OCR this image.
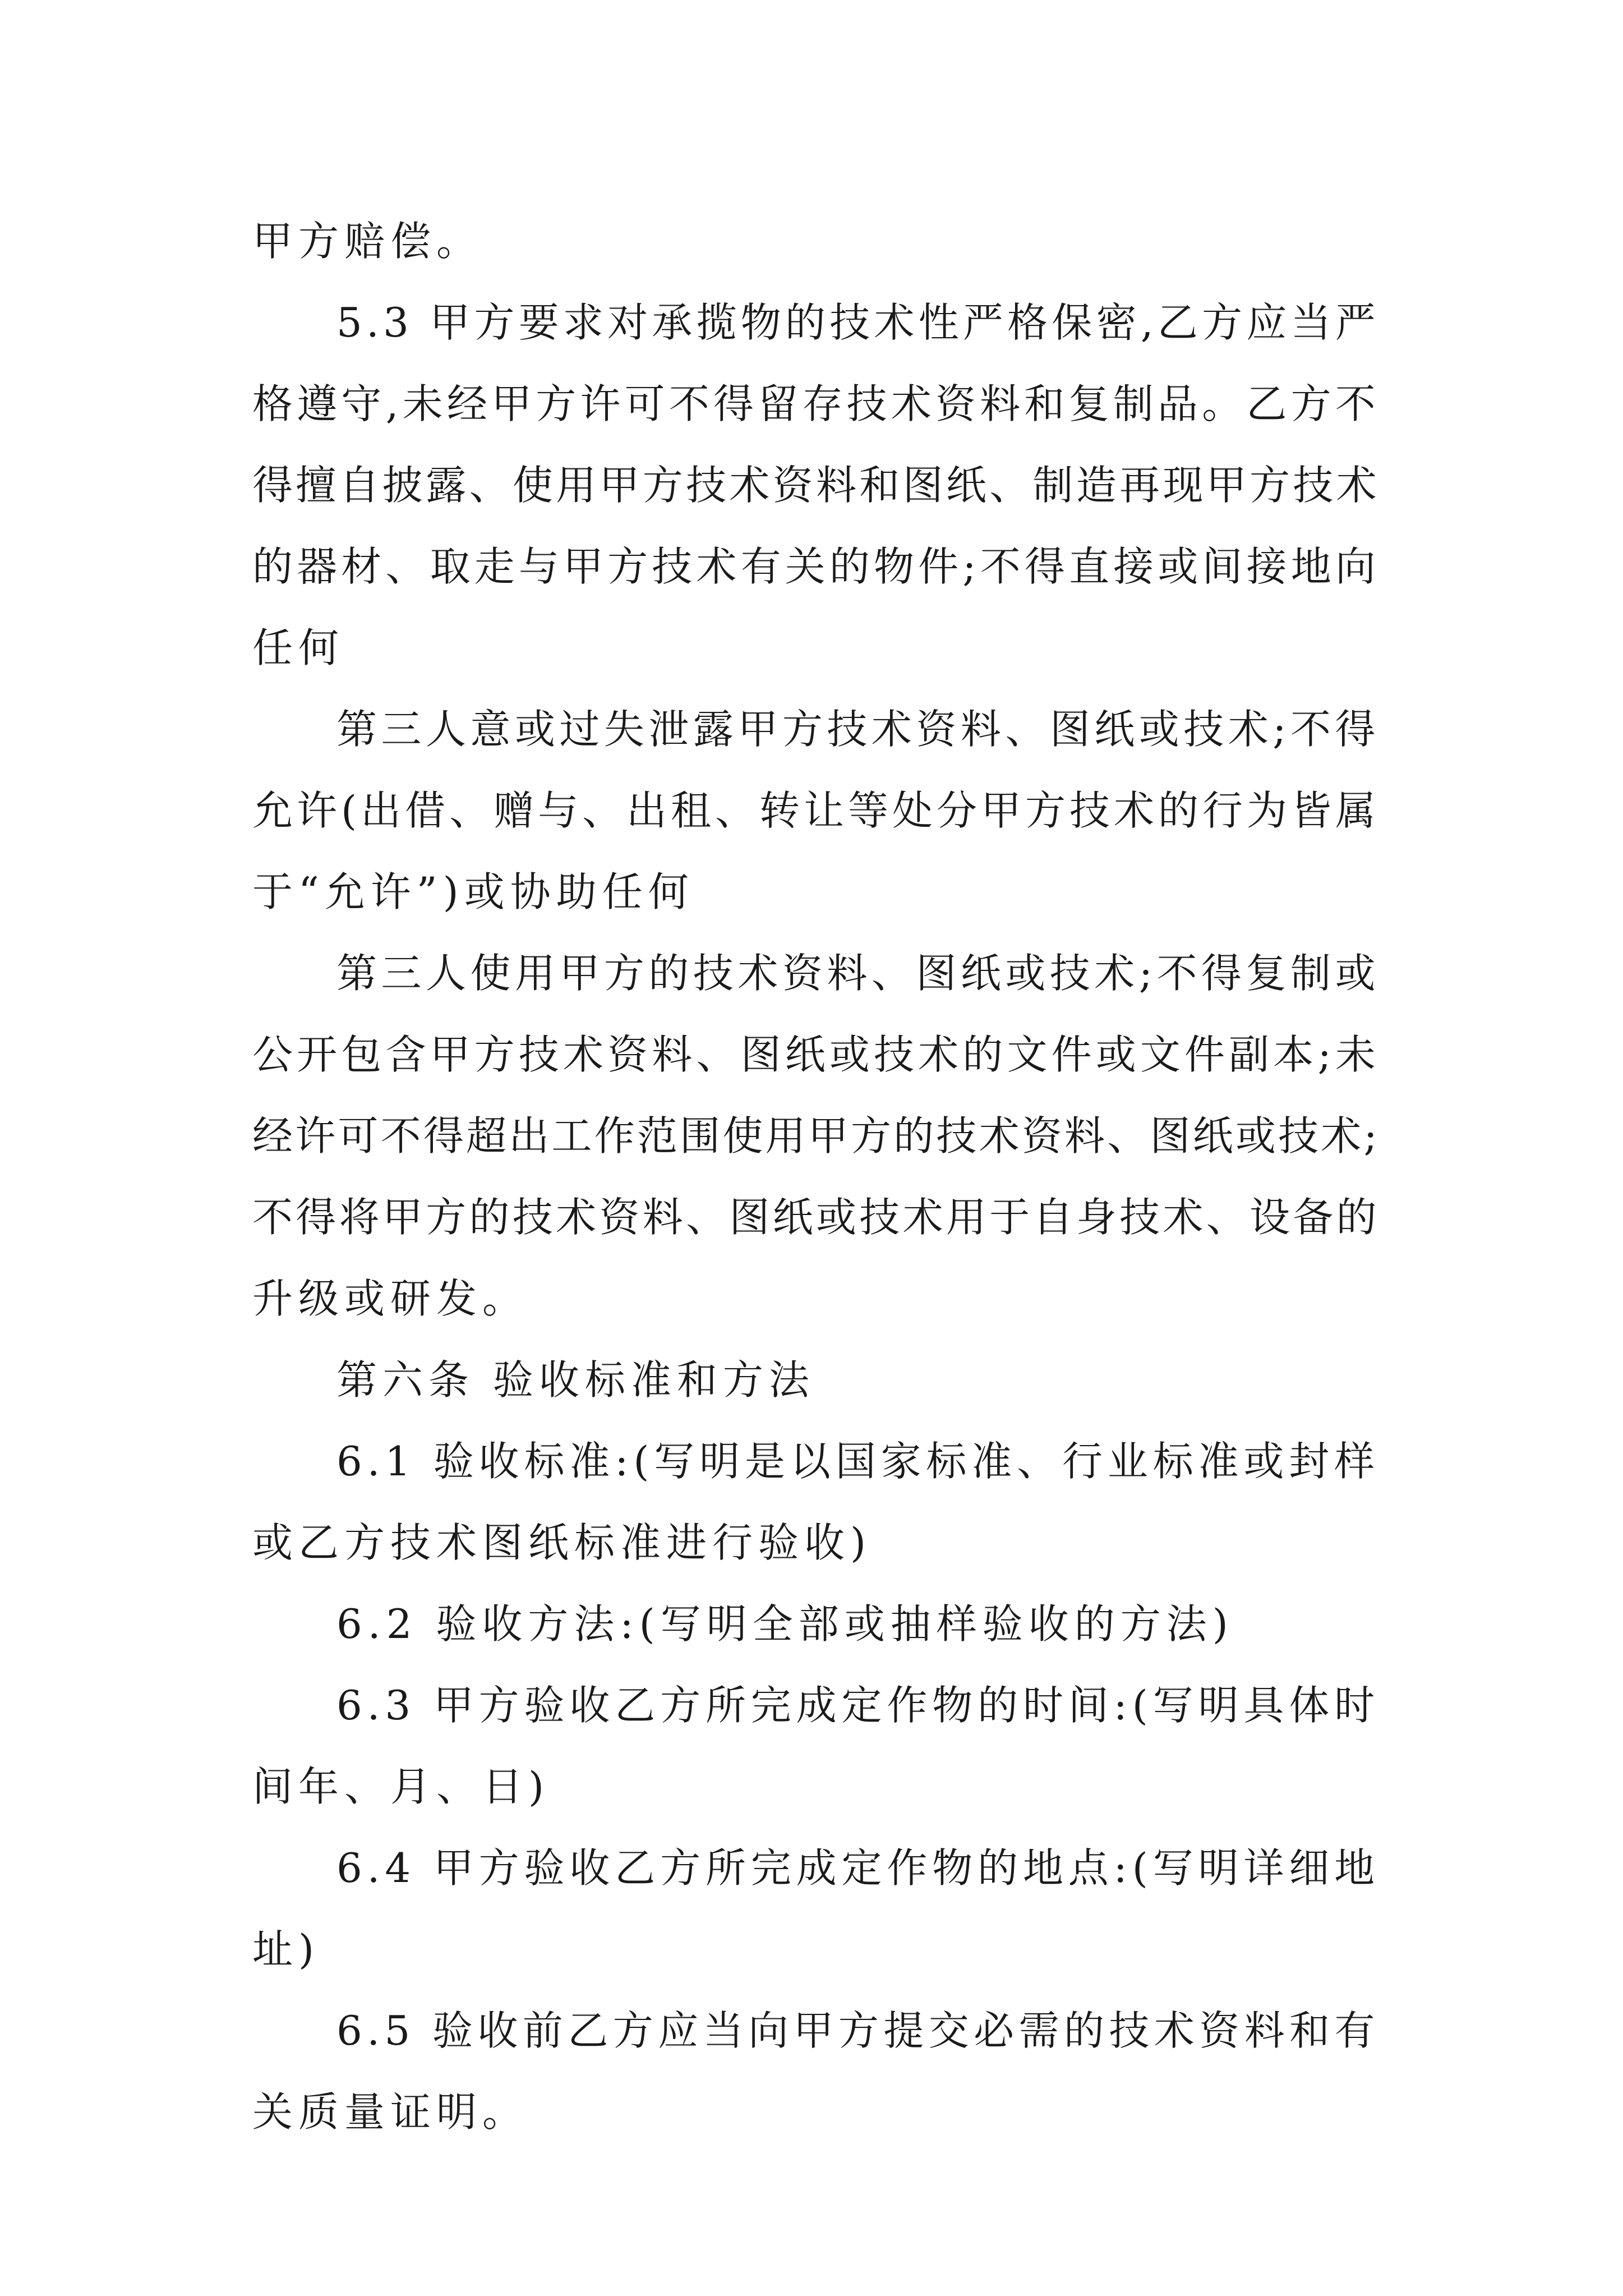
甲方赔偿。
5.3 甲方要求对承揽物的技术性严格保密,乙方应当严
格遵守,未经甲方许可不得留存技术资料和复制品。乙方不
得擅自披露、使用甲方技术资料和图纸、制造再现甲方技术
的器材、取走与甲方技术有关的物件;不得直接或间接地向
任何
第三人意或过失泄露甲方技术资料、图纸或技术;不得
允许(出借、赠与、出租、转让等处分甲方技术的行为皆属
于“允许”)或协助任何
第三人使用甲方的技术资料、图纸或技术;不得复制或
公开包含甲方技术资料、图纸或技术的文件或文件副本;未
经许可不得超出工作范围使用甲方的技术资料、图纸或技术;
不得将甲方的技术资料、图纸或技术用于自身技术、设备的
升级或研发。
第六条 验收标准和方法
6.1 验收标准:(写明是以国家标准、行业标准或封样
或乙方技术图纸标准进行验收)
6.2 验收方法:(写明全部或抽样验收的方法)
6.3 甲方验收乙方所完成定作物的时间:(写明具体时
间年、月、日)
6.4 甲方验收乙方所完成定作物的地点:(写明详细地
址)
6.5 验收前乙方应当向甲方提交必需的技术资料和有
关质量证明。
